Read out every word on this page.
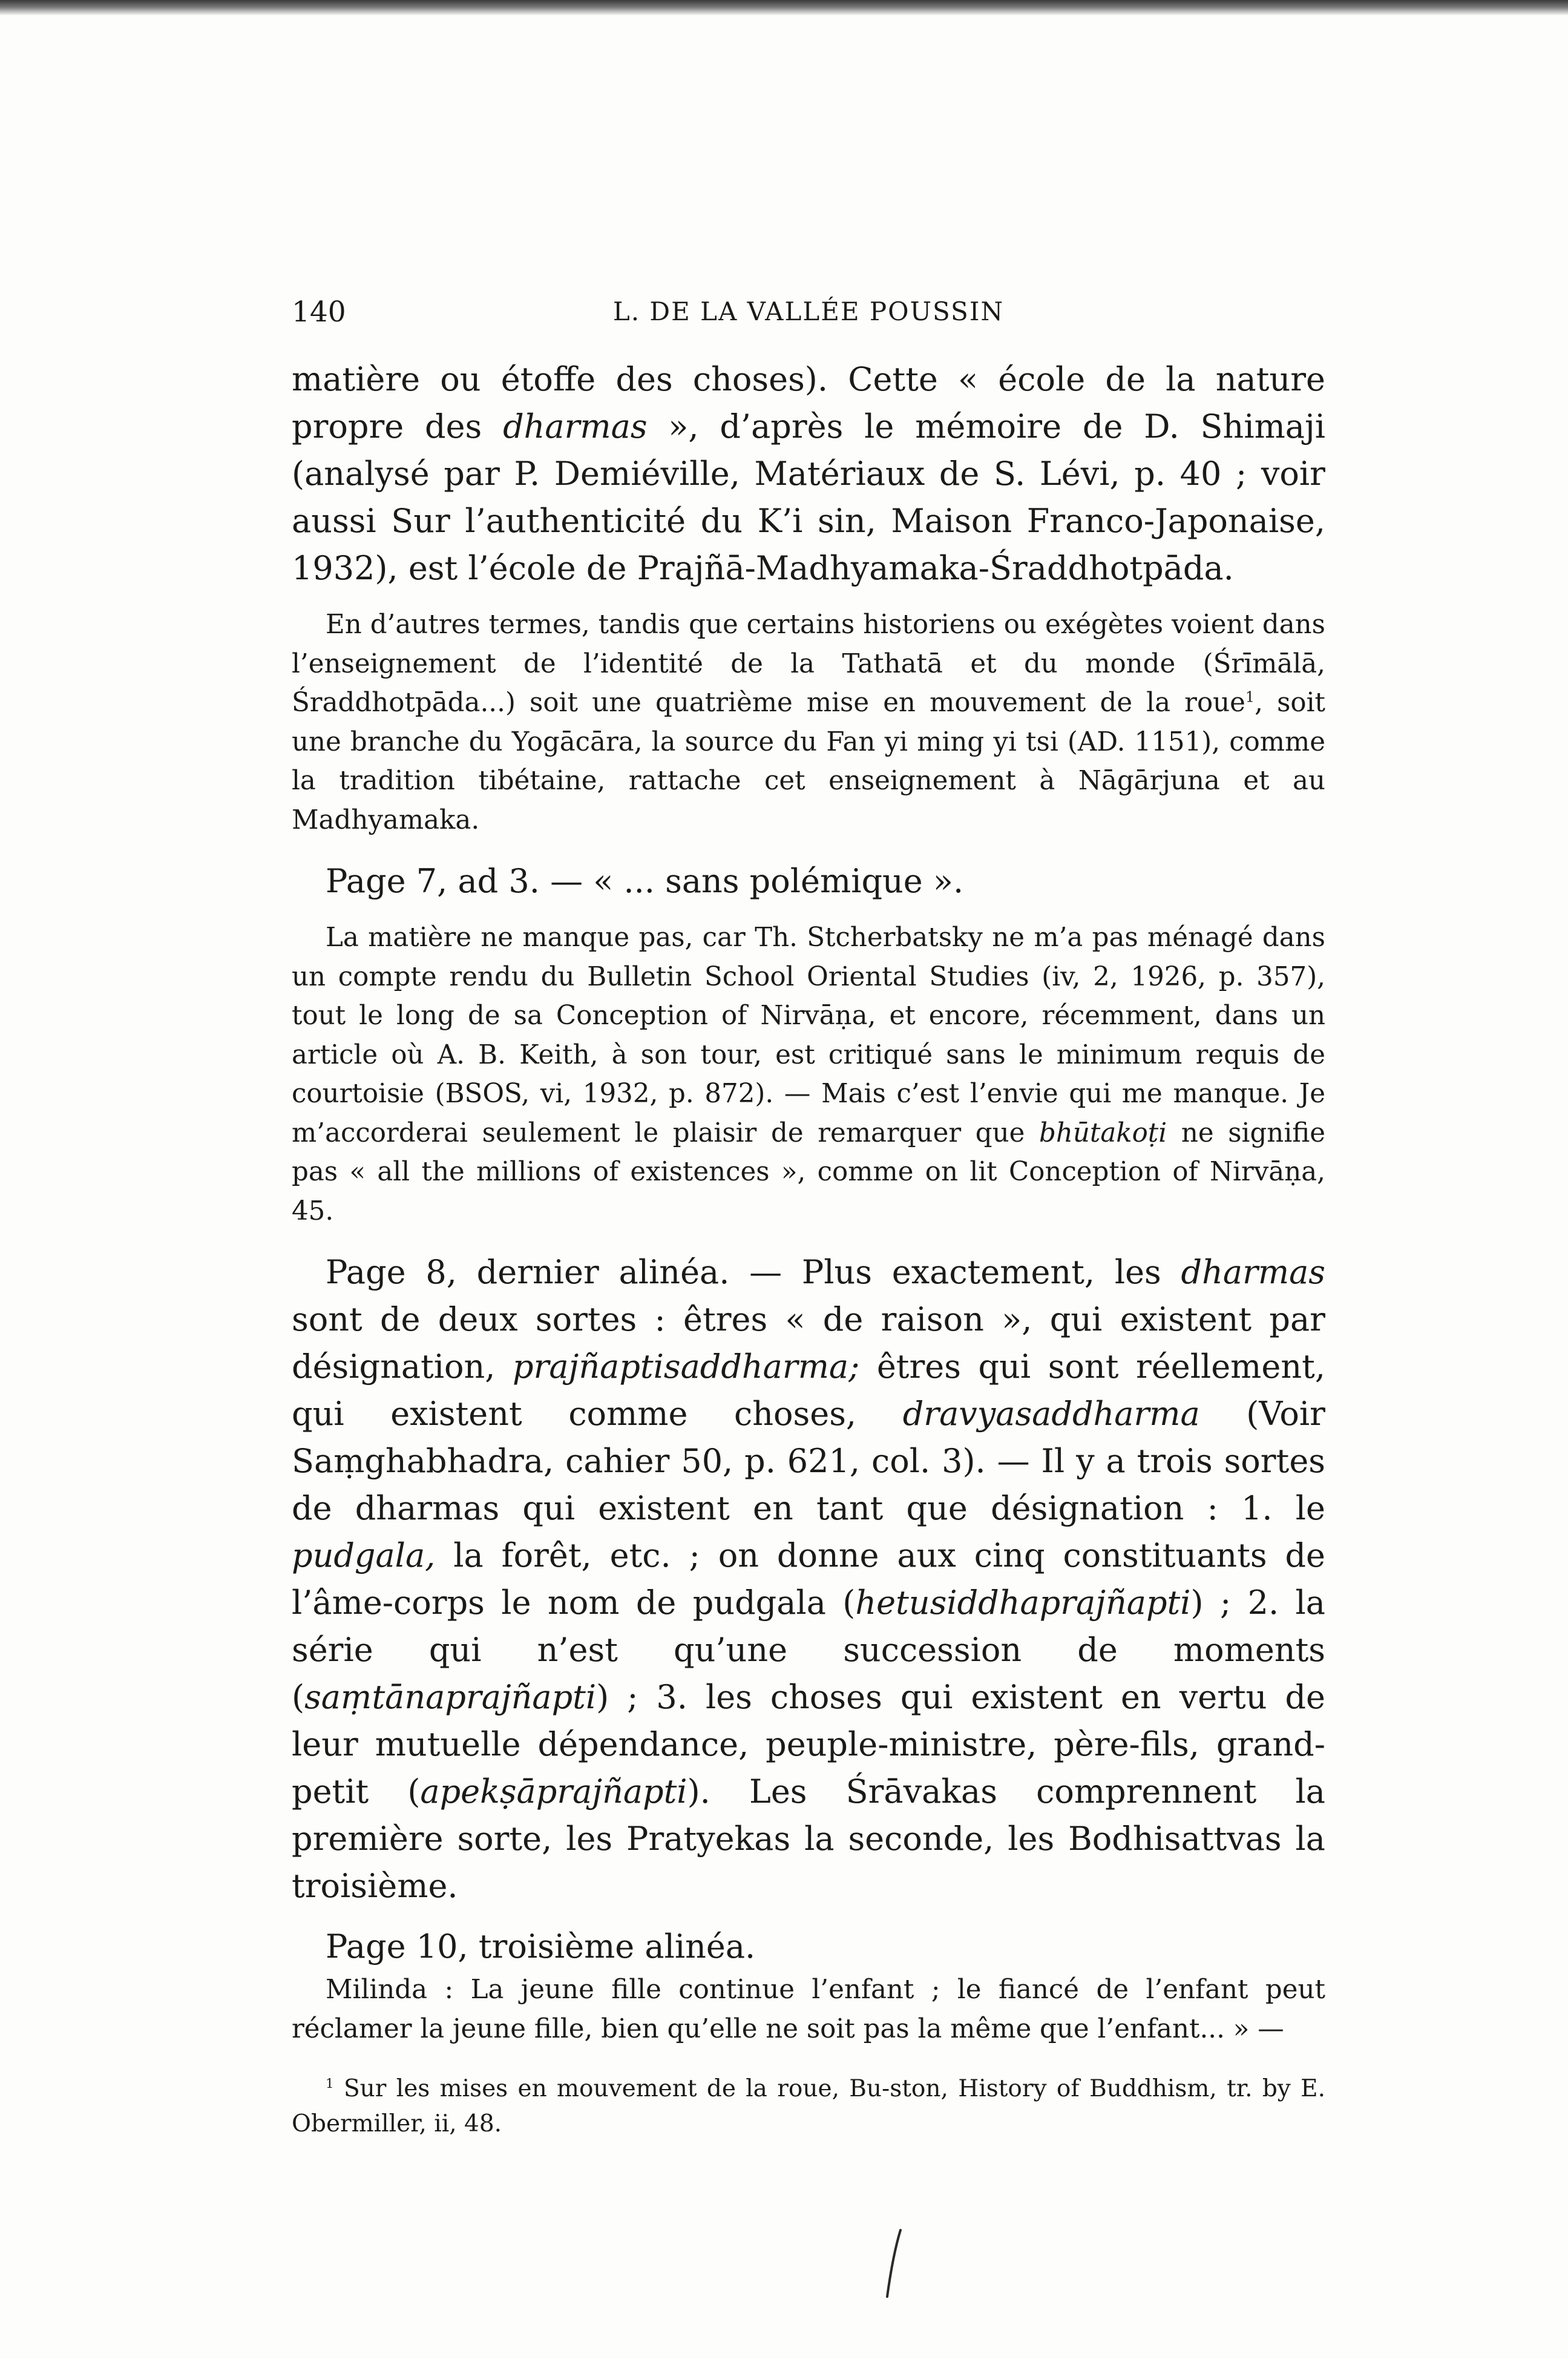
140	L. DE LA VALLÉE POUSSIN

matière ou étoffe des choses). Cette « école de la nature propre des dharmas », d’après le mémoire de D. Shimaji (analysé par P. Demiéville, Matériaux de S. Lévi, p. 40 ; voir aussi Sur l’authenticité du K’i sin, Maison Franco-Japonaise, 1932), est l’école de Prajñā-Madhyamaka-Śraddhotpāda.

En d’autres termes, tandis que certains historiens ou exégètes voient dans l’enseignement de l’identité de la Tathatā et du monde (Śrīmālā, Śraddhotpāda...) soit une quatrième mise en mouvement de la roue$^1$, soit une branche du Yogācāra, la source du Fan yi ming yi tsi (AD. 1151), comme la tradition tibétaine, rattache cet enseignement à Nāgārjuna et au Madhyamaka.

Page 7, ad 3. — « ... sans polémique ».

La matière ne manque pas, car Th. Stcherbatsky ne m’a pas ménagé dans un compte rendu du Bulletin School Oriental Studies (iv, 2, 1926, p. 357), tout le long de sa Conception of Nirvāṇa, et encore, récemment, dans un article où A. B. Keith, à son tour, est critiqué sans le minimum requis de courtoisie (BSOS, vi, 1932, p. 872). — Mais c’est l’envie qui me manque. Je m’accorderai seulement le plaisir de remarquer que bhūtakoṭi ne signifie pas « all the millions of existences », comme on lit Conception of Nirvāṇa, 45.

Page 8, dernier alinéa. — Plus exactement, les dharmas sont de deux sortes : êtres « de raison », qui existent par désignation, prajñaptisaddharma; êtres qui sont réellement, qui existent comme choses, dravyasaddharma (Voir Saṃghabhadra, cahier 50, p. 621, col. 3). — Il y a trois sortes de dharmas qui existent en tant que désignation : 1. le pudgala, la forêt, etc. ; on donne aux cinq constituants de l’âme-corps le nom de pudgala (hetusiddhaprajñapti) ; 2. la série qui n’est qu’une succession de moments (saṃtānaprajñapti) ; 3. les choses qui existent en vertu de leur mutuelle dépendance, peuple-ministre, père-fils, grand-petit (apekṣāprajñapti). Les Śrāvakas comprennent la première sorte, les Pratyekas la seconde, les Bodhisattvas la troisième.

Page 10, troisième alinéa.

Milinda : La jeune fille continue l’enfant ; le fiancé de l’enfant peut réclamer la jeune fille, bien qu’elle ne soit pas la même que l’enfant... » —

$^1$ Sur les mises en mouvement de la roue, Bu-ston, History of Buddhism, tr. by E. Obermiller, ii, 48.
